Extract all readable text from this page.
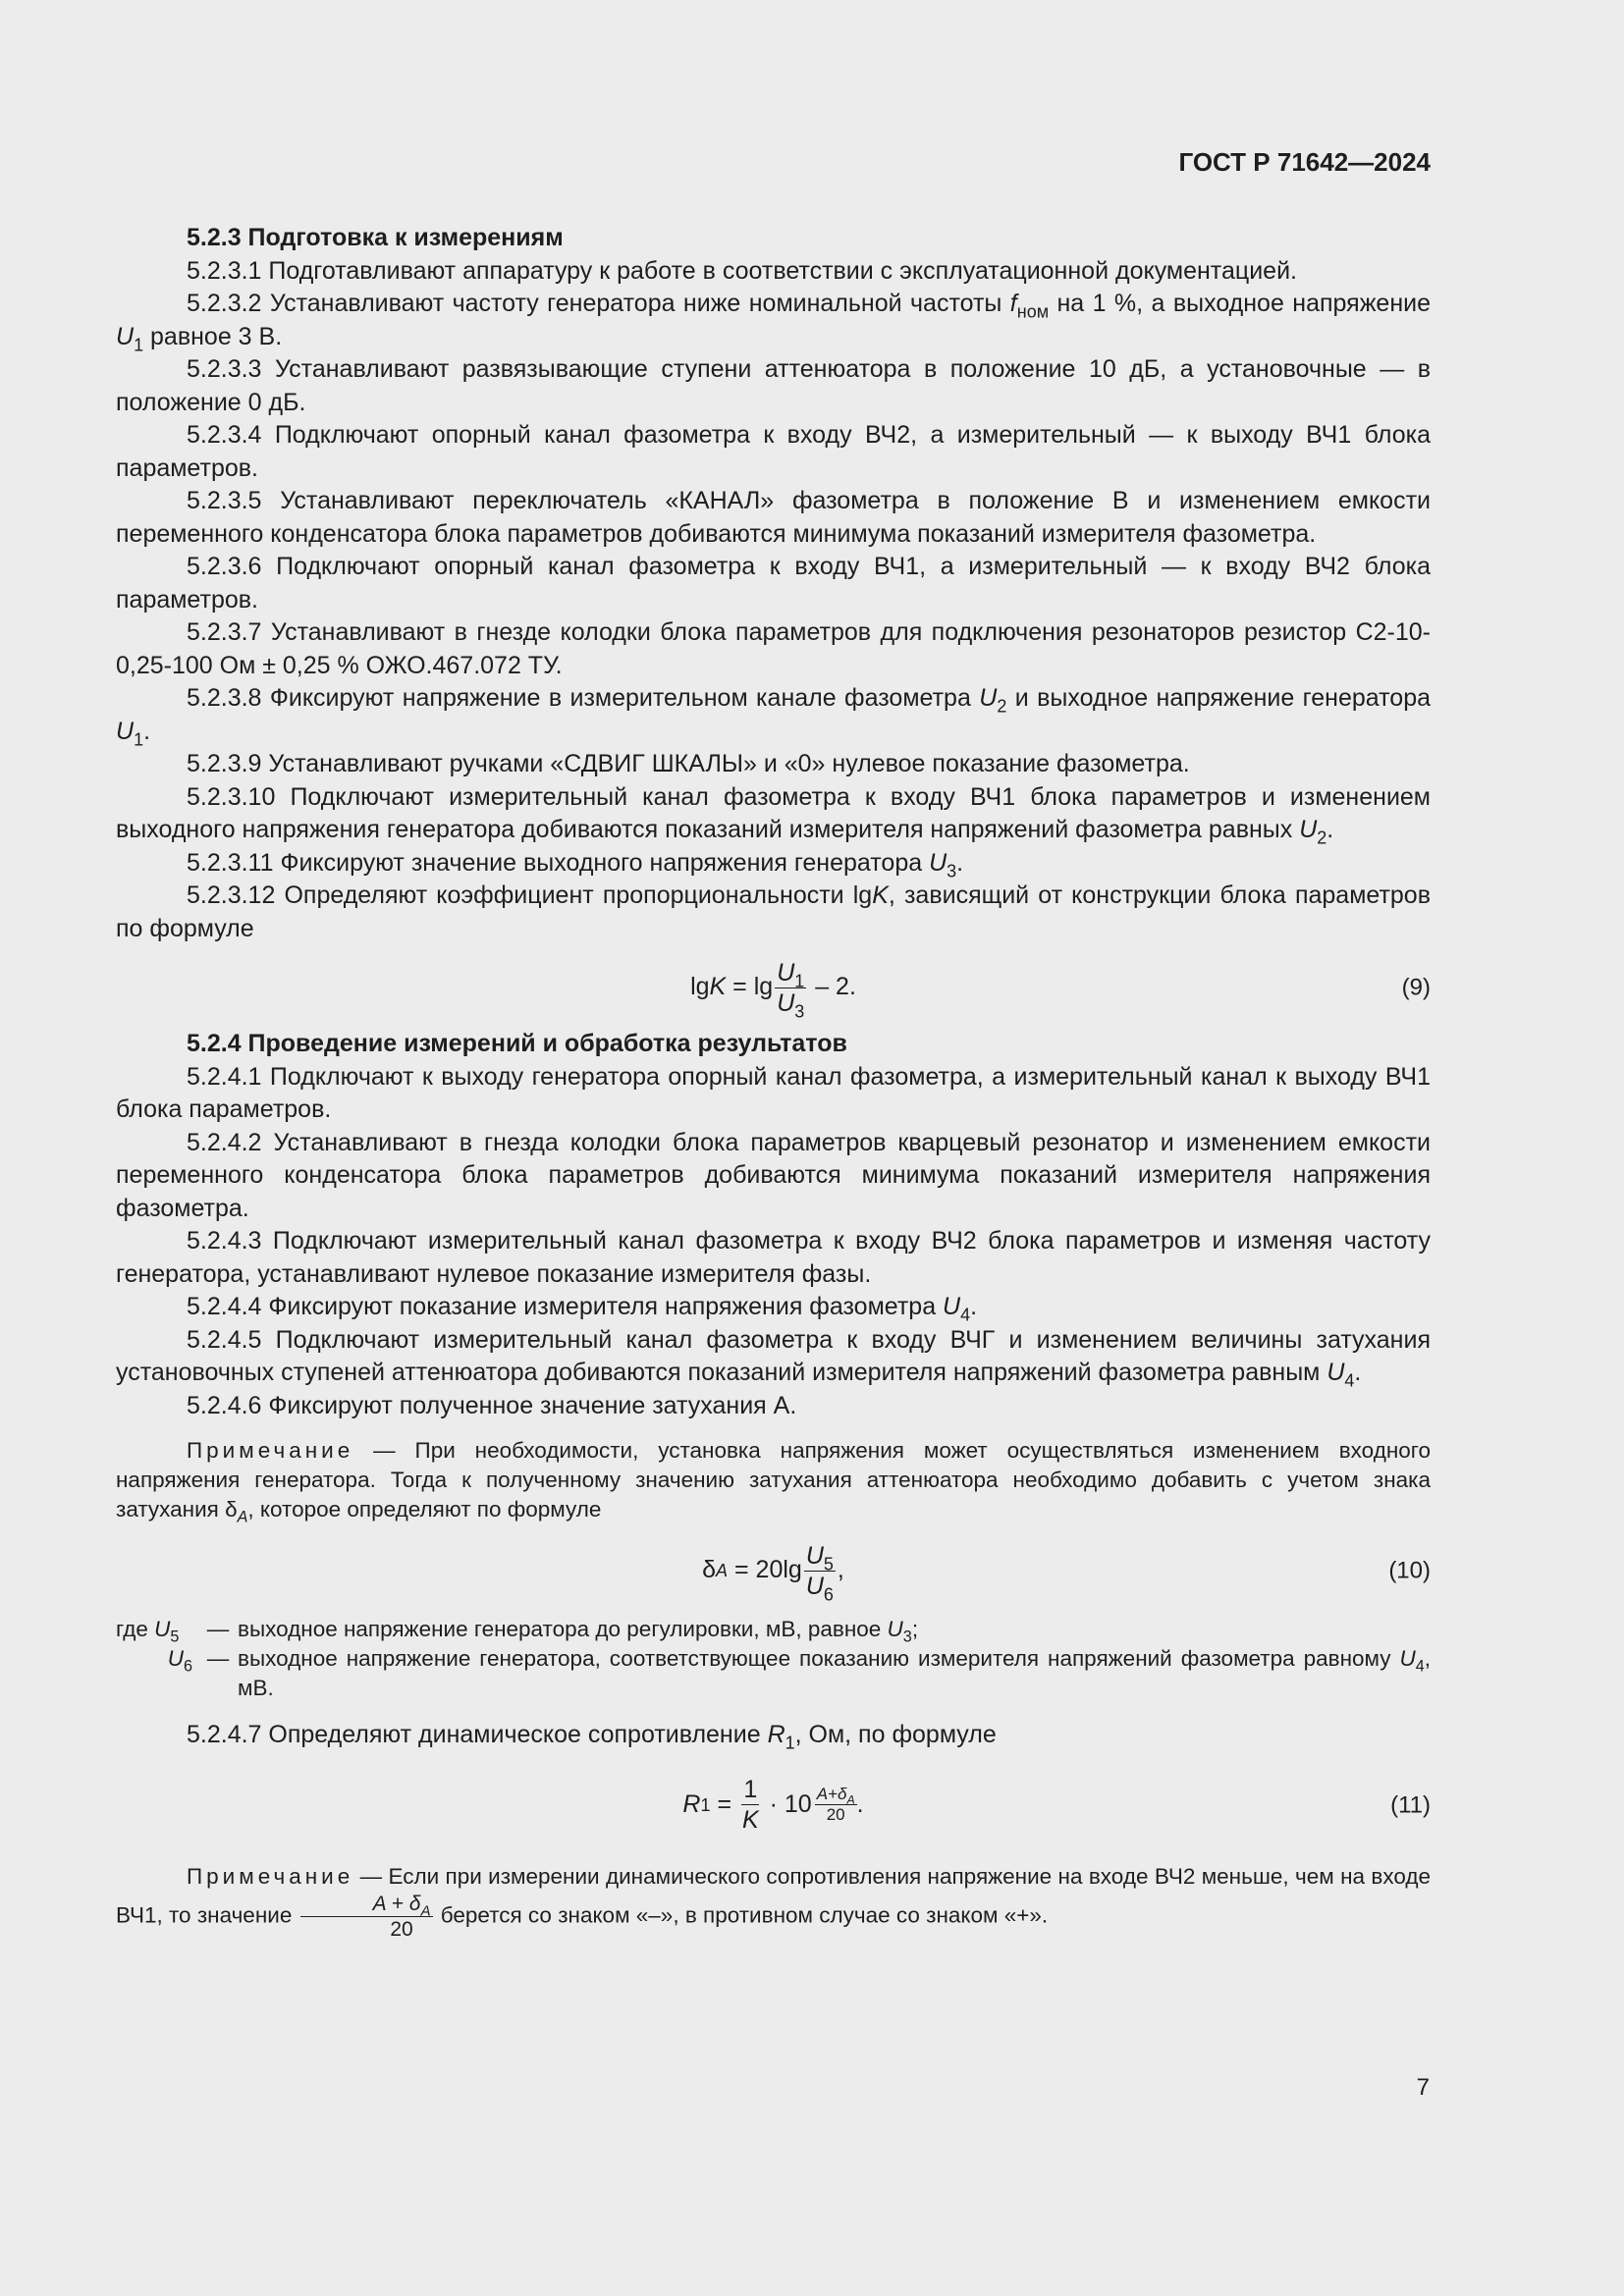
ГОСТ Р 71642—2024

5.2.3 Подготовка к измерениям

5.2.3.1 Подготавливают аппаратуру к работе в соответствии с эксплуатационной документацией.

5.2.3.2 Устанавливают частоту генератора ниже номинальной частоты $f_{ном}$ на 1 %, а выходное напряжение $U_1$ равное 3 В.

5.2.3.3 Устанавливают развязывающие ступени аттенюатора в положение 10 дБ, а установочные — в положение 0 дБ.

5.2.3.4 Подключают опорный канал фазометра к входу ВЧ2, а измерительный — к выходу ВЧ1 блока параметров.

5.2.3.5 Устанавливают переключатель «КАНАЛ» фазометра в положение В и изменением емкости переменного конденсатора блока параметров добиваются минимума показаний измерителя фазометра.

5.2.3.6 Подключают опорный канал фазометра к входу ВЧ1, а измерительный — к входу ВЧ2 блока параметров.

5.2.3.7 Устанавливают в гнезде колодки блока параметров для подключения резонаторов резистор С2-10-0,25-100 Ом ± 0,25 % ОЖО.467.072 ТУ.

5.2.3.8 Фиксируют напряжение в измерительном канале фазометра $U_2$ и выходное напряжение генератора $U_1$.

5.2.3.9 Устанавливают ручками «СДВИГ ШКАЛЫ» и «0» нулевое показание фазометра.

5.2.3.10 Подключают измерительный канал фазометра к входу ВЧ1 блока параметров и изменением выходного напряжения генератора добиваются показаний измерителя напряжений фазометра равных $U_2$.

5.2.3.11 Фиксируют значение выходного напряжения генератора $U_3$.

5.2.3.12 Определяют коэффициент пропорциональности lgK, зависящий от конструкции блока параметров по формуле

$\lg K = \lg \frac{U_1}{U_3} - 2$.	(9)

5.2.4 Проведение измерений и обработка результатов

5.2.4.1 Подключают к выходу генератора опорный канал фазометра, а измерительный канал к выходу ВЧ1 блока параметров.

5.2.4.2 Устанавливают в гнезда колодки блока параметров кварцевый резонатор и изменением емкости переменного конденсатора блока параметров добиваются минимума показаний измерителя напряжения фазометра.

5.2.4.3 Подключают измерительный канал фазометра к входу ВЧ2 блока параметров и изменяя частоту генератора, устанавливают нулевое показание измерителя фазы.

5.2.4.4 Фиксируют показание измерителя напряжения фазометра $U_4$.

5.2.4.5 Подключают измерительный канал фазометра к входу ВЧГ и изменением величины затухания установочных ступеней аттенюатора добиваются показаний измерителя напряжений фазометра равным $U_4$.

5.2.4.6 Фиксируют полученное значение затухания А.

Примечание — При необходимости, установка напряжения может осуществляться изменением входного напряжения генератора. Тогда к полученному значению затухания аттенюатора необходимо добавить с учетом знака затухания $\delta_A$, которое определяют по формуле

δ $A = 20\lg \frac{U_5}{U_6}$ ,	(10)
где $U_5$	— выходное напряжение генератора до регулировки, мВ, равное $U_3$;
$U_6$ — выходное напряжение генератора, соответствующее показанию измерителя напряжений фазометра равному $U_4$, мВ.

5.2.4.7 Определяют динамическое сопротивление $R_1$, Ом, по формуле

R $1 = \frac{1}{K} \cdot 10 \frac{A+\delta_A}{20}$ .	(11)

Примечание — Если при измерении динамического сопротивления напряжение на входе ВЧ2 меньше, чем на входе ВЧ1, то значение $\frac{A + \delta_A}{20}$ берется со знаком «–», в противном случае со знаком «+».

7
